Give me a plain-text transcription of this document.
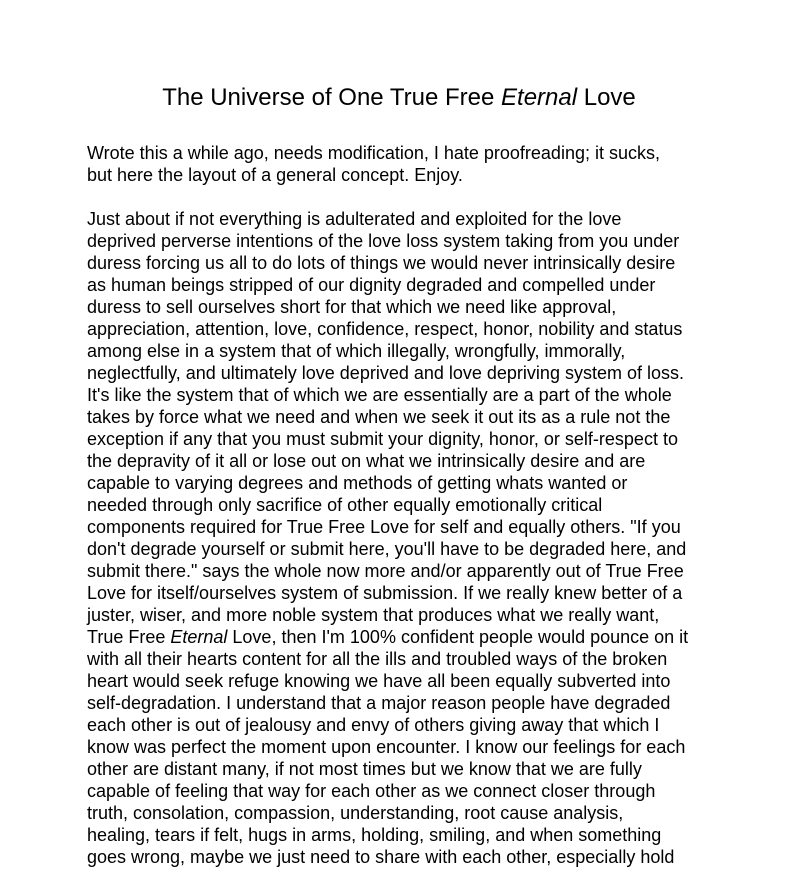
The Universe of One True Free Eternal Love
Wrote this a while ago, needs modification, I hate proofreading; it sucks,
but here the layout of a general concept. Enjoy.
Just about if not everything is adulterated and exploited for the love
deprived perverse intentions of the love loss system taking from you under
duress forcing us all to do lots of things we would never intrinsically desire
as human beings stripped of our dignity degraded and compelled under
duress to sell ourselves short for that which we need like approval,
appreciation, attention, love, confidence, respect, honor, nobility and status
among else in a system that of which illegally, wrongfully, immorally,
neglectfully, and ultimately love deprived and love depriving system of loss.
It's like the system that of which we are essentially are a part of the whole
takes by force what we need and when we seek it out its as a rule not the
exception if any that you must submit your dignity, honor, or self-respect to
the depravity of it all or lose out on what we intrinsically desire and are
capable to varying degrees and methods of getting whats wanted or
needed through only sacrifice of other equally emotionally critical
components required for True Free Love for self and equally others. "If you
don't degrade yourself or submit here, you'll have to be degraded here, and
submit there." says the whole now more and/or apparently out of True Free
Love for itself/ourselves system of submission. If we really knew better of a
juster, wiser, and more noble system that produces what we really want,
True Free Eternal Love, then I'm 100% confident people would pounce on it
with all their hearts content for all the ills and troubled ways of the broken
heart would seek refuge knowing we have all been equally subverted into
self-degradation. I understand that a major reason people have degraded
each other is out of jealousy and envy of others giving away that which I
know was perfect the moment upon encounter. I know our feelings for each
other are distant many, if not most times but we know that we are fully
capable of feeling that way for each other as we connect closer through
truth, consolation, compassion, understanding, root cause analysis,
healing, tears if felt, hugs in arms, holding, smiling, and when something
goes wrong, maybe we just need to share with each other, especially hold
